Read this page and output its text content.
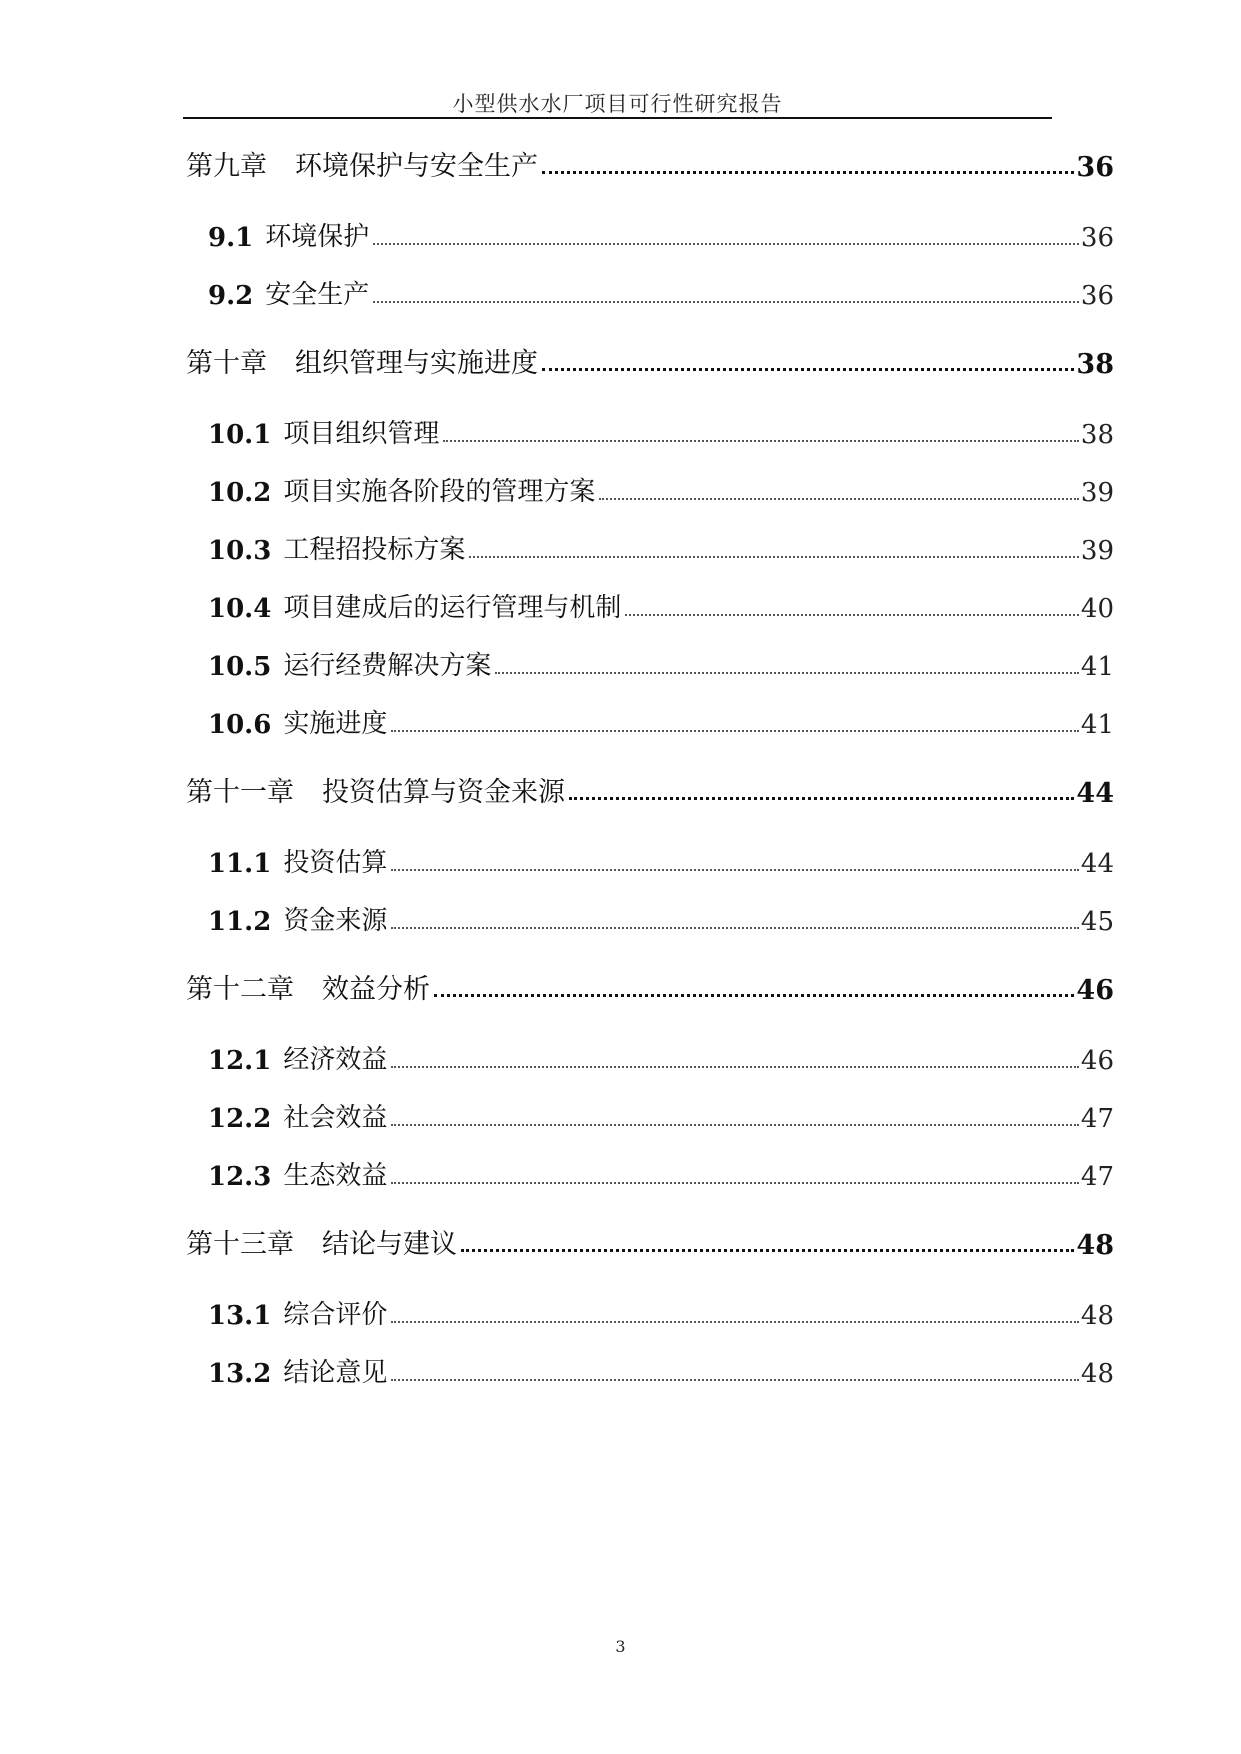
小型供水水厂项目可行性研究报告
第九章 环境保护与安全生产	36
9.1 环境保护	36
9.2 安全生产	36
第十章 组织管理与实施进度	38
10.1 项目组织管理	38
10.2 项目实施各阶段的管理方案	39
10.3 工程招投标方案	39
10.4 项目建成后的运行管理与机制	40
10.5 运行经费解决方案	41
10.6 实施进度	41
第十一章 投资估算与资金来源	44
11.1 投资估算	44
11.2 资金来源	45
第十二章 效益分析	46
12.1 经济效益	46
12.2 社会效益	47
12.3 生态效益	47
第十三章 结论与建议	48
13.1 综合评价	48
13.2 结论意见	48
3
